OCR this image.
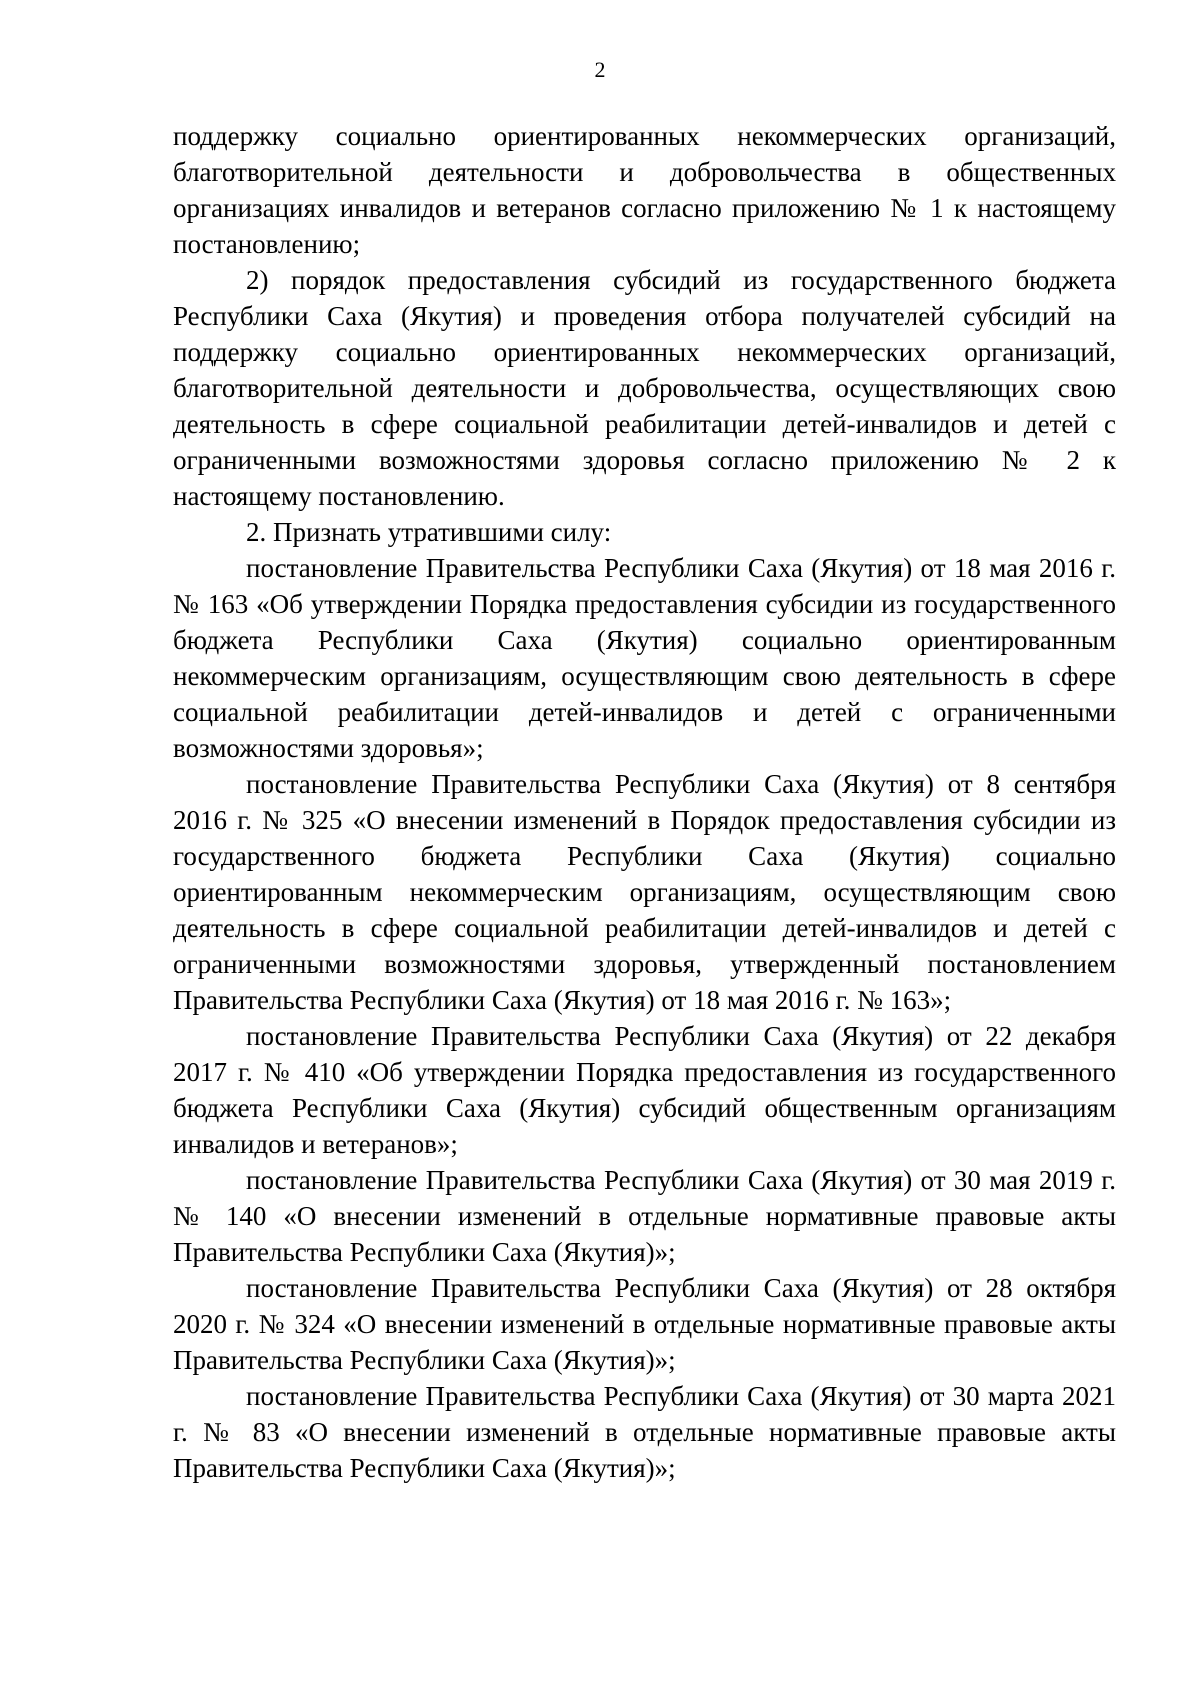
2

поддержку социально ориентированных некоммерческих организаций, благотворительной деятельности и добровольчества в общественных организациях инвалидов и ветеранов согласно приложению № 1 к настоящему постановлению;

2) порядок предоставления субсидий из государственного бюджета Республики Саха (Якутия) и проведения отбора получателей субсидий на поддержку социально ориентированных некоммерческих организаций, благотворительной деятельности и добровольчества, осуществляющих свою деятельность в сфере социальной реабилитации детей-инвалидов и детей с ограниченными возможностями здоровья согласно приложению № 2 к настоящему постановлению.

2. Признать утратившими силу:

постановление Правительства Республики Саха (Якутия) от 18 мая 2016 г. № 163 «Об утверждении Порядка предоставления субсидии из государственного бюджета Республики Саха (Якутия) социально ориентированным некоммерческим организациям, осуществляющим свою деятельность в сфере социальной реабилитации детей-инвалидов и детей с ограниченными возможностями здоровья»;

постановление Правительства Республики Саха (Якутия) от 8 сентября 2016 г. № 325 «О внесении изменений в Порядок предоставления субсидии из государственного бюджета Республики Саха (Якутия) социально ориентированным некоммерческим организациям, осуществляющим свою деятельность в сфере социальной реабилитации детей-инвалидов и детей с ограниченными возможностями здоровья, утвержденный постановлением Правительства Республики Саха (Якутия) от 18 мая 2016 г. № 163»;

постановление Правительства Республики Саха (Якутия) от 22 декабря 2017 г. № 410 «Об утверждении Порядка предоставления из государственного бюджета Республики Саха (Якутия) субсидий общественным организациям инвалидов и ветеранов»;

постановление Правительства Республики Саха (Якутия) от 30 мая 2019 г. № 140 «О внесении изменений в отдельные нормативные правовые акты Правительства Республики Саха (Якутия)»;

постановление Правительства Республики Саха (Якутия) от 28 октября 2020 г. № 324 «О внесении изменений в отдельные нормативные правовые акты Правительства Республики Саха (Якутия)»;

постановление Правительства Республики Саха (Якутия) от 30 марта 2021 г. № 83 «О внесении изменений в отдельные нормативные правовые акты Правительства Республики Саха (Якутия)»;
